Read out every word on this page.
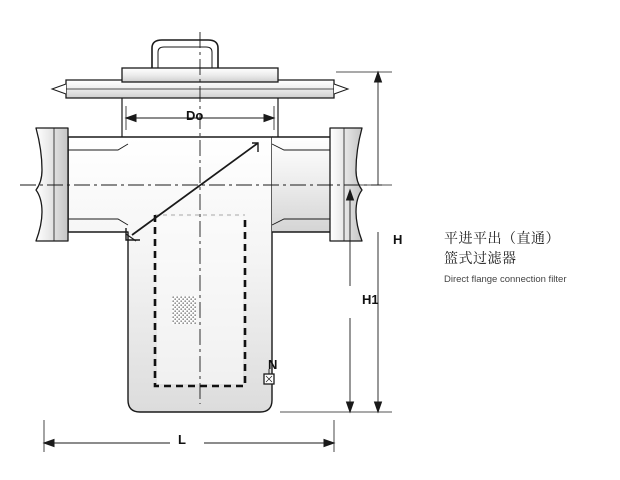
Do
H
H1
L
N
平进平出（直通）
篮式过滤器
Direct flange connection filter
